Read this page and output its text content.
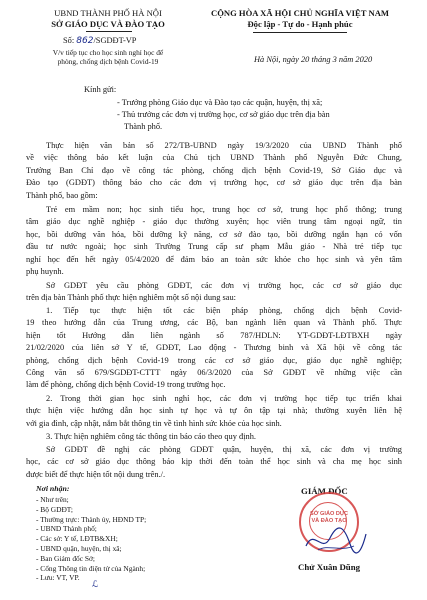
UBND THÀNH PHỐ HÀ NỘI
SỞ GIÁO DỤC VÀ ĐÀO TẠO
Số: 862/SGDĐT-VP
V/v tiếp tục cho học sinh nghỉ học để
phòng, chống dịch bệnh Covid-19
CỘNG HÒA XÃ HỘI CHỦ NGHĨA VIỆT NAM
Độc lập - Tự do - Hạnh phúc
Hà Nội, ngày 20 tháng 3 năm 2020
Kính gửi:
- Trưởng phòng Giáo dục và Đào tạo các quận, huyện, thị xã;
- Thủ trưởng các đơn vị trường học, cơ sở giáo dục trên địa bàn
Thành phố.
Thực hiện văn bản số 272/TB-UBND ngày 19/3/2020 của UBND Thành phố
về việc thông báo kết luận của Chủ tịch UBND Thành phố Nguyễn Đức Chung,
Trưởng Ban Chỉ đạo về công tác phòng, chống dịch bệnh Covid-19, Sở Giáo dục và
Đào tạo (GDĐT) thông báo cho các đơn vị trường học, cơ sở giáo dục trên địa bàn
Thành phố, bao gồm:
Trẻ em mầm non; học sinh tiểu học, trung học cơ sở, trung học phổ thông; trung
tâm giáo dục nghề nghiệp - giáo dục thường xuyên; học viên trung tâm ngoại ngữ, tin
học, bồi dưỡng văn hóa, bồi dưỡng kỹ năng, cơ sở đào tạo, bồi dưỡng ngắn hạn có vốn
đầu tư nước ngoài; học sinh Trường Trung cấp sư phạm Mẫu giáo - Nhà trẻ tiếp tục
nghỉ học đến hết ngày 05/4/2020 để đảm bảo an toàn sức khỏe cho học sinh và yên tâm
phụ huynh.
Sở GDĐT yêu cầu phòng GDĐT, các đơn vị trường học, các cơ sở giáo dục
trên địa bàn Thành phố thực hiện nghiêm một số nội dung sau:
1. Tiếp tục thực hiện tốt các biện pháp phòng, chống dịch bệnh Covid-
19 theo hướng dẫn của Trung ương, các Bộ, ban ngành liên quan và Thành phố. Thực
hiện tốt Hướng dẫn liên ngành số 787/HDLN: YT-GDĐT-LĐTBXH ngày
21/02/2020 của liên sở Y tế, GDĐT, Lao động - Thương binh và Xã hội về công tác
phòng, chống dịch bệnh Covid-19 trong các cơ sở giáo dục, giáo dục nghề nghiệp;
Công văn số 679/SGDĐT-CTTT ngày 06/3/2020 của Sở GDĐT về những việc cần
làm để phòng, chống dịch bệnh Covid-19 trong trường học.
2. Trong thời gian học sinh nghỉ học, các đơn vị trường học tiếp tục triển khai
thực hiện việc hướng dẫn học sinh tự học và tự ôn tập tại nhà; thường xuyên liên hệ
với gia đình, cập nhật, nắm bắt thông tin về tình hình sức khỏe của học sinh.
3. Thực hiện nghiêm công tác thông tin báo cáo theo quy định.
Sở GDĐT đề nghị các phòng GDĐT quận, huyện, thị xã, các đơn vị trường
học, các cơ sở giáo dục thông báo kịp thời đến toàn thể học sinh và cha mẹ học sinh
được biết để thực hiện tốt nội dung trên./.
Nơi nhận:
- Như trên;
- Bộ GDĐT;
- Thường trực: Thành ủy, HĐND TP;
- UBND Thành phố;
- Các sở: Y tế, LĐTB&XH;
- UBND quận, huyện, thị xã;
- Ban Giám đốc Sở;
- Cổng Thông tin điện tử của Ngành;
- Lưu: VT, VP.
ℒ
GIÁM ĐỐC
SỞ GIÁO DỤC
VÀ ĐÀO TẠO
Chử Xuân Dũng
